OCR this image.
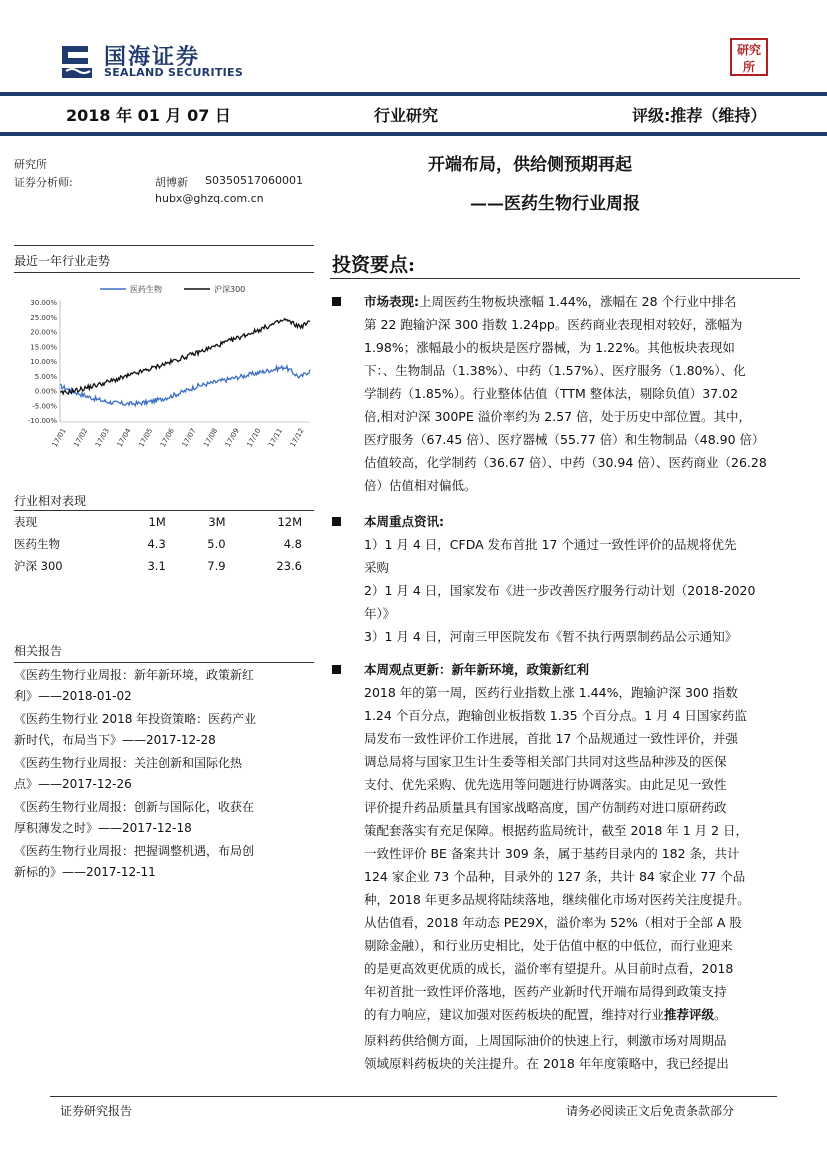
国海证券
SEALAND SECURITIES
研究所
2018 年 01 月 07 日	行业研究	评级:推荐（维持）
研究所
证券分析师:	胡博新 S0350517060001
hubx@ghzq.com.cn
开端布局，供给侧预期再起
——医药生物行业周报
最近一年行业走势
医药生物	沪深300
30.00%
25.00%
20.00%
15.00%
10.00%
5.00%
0.00%
-5.00%
-10.00%
17/01 17/02 17/03 17/04 17/05 17/06 17/07 17/08 17/09 17/10 17/11 17/12
行业相对表现
表现	1M	3M	12M
医药生物	4.3	5.0	4.8
沪深 300	3.1	7.9	23.6
相关报告
《医药生物行业周报：新年新环境，政策新红
利》——2018-01-02
《医药生物行业 2018 年投资策略：医药产业
新时代，布局当下》——2017-12-28
《医药生物行业周报：关注创新和国际化热
点》——2017-12-26
《医药生物行业周报：创新与国际化，收获在
厚积薄发之时》——2017-12-18
《医药生物行业周报：把握调整机遇，布局创
新标的》——2017-12-11
投资要点:
市场表现:上周医药生物板块涨幅 1.44%，涨幅在 28 个行业中排名
第 22 跑输沪深 300 指数 1.24pp。医药商业表现相对较好，涨幅为
1.98%；涨幅最小的板块是医疗器械，为 1.22%。其他板块表现如
下：、生物制品（1.38%）、中药（1.57%）、医疗服务（1.80%）、化
学制药（1.85%）。行业整体估值（TTM 整体法，剔除负值）37.02
倍,相对沪深 300PE 溢价率约为 2.57 倍，处于历史中部位置。其中，
医疗服务（67.45 倍）、医疗器械（55.77 倍）和生物制品（48.90 倍）
估值较高，化学制药（36.67 倍）、中药（30.94 倍）、医药商业（26.28
倍）估值相对偏低。
本周重点资讯:
1）1 月 4 日，CFDA 发布首批 17 个通过一致性评价的品规将优先
采购
2）1 月 4 日，国家发布《进一步改善医疗服务行动计划（2018-2020
年）》
3）1 月 4 日，河南三甲医院发布《暂不执行两票制药品公示通知》
本周观点更新：新年新环境，政策新红利
2018 年的第一周，医药行业指数上涨 1.44%，跑输沪深 300 指数
1.24 个百分点，跑输创业板指数 1.35 个百分点。1 月 4 日国家药监
局发布一致性评价工作进展，首批 17 个品规通过一致性评价，并强
调总局将与国家卫生计生委等相关部门共同对这些品种涉及的医保
支付、优先采购、优先选用等问题进行协调落实。由此足见一致性
评价提升药品质量具有国家战略高度，国产仿制药对进口原研药政
策配套落实有充足保障。根据药监局统计，截至 2018 年 1 月 2 日，
一致性评价 BE 备案共计 309 条，属于基药目录内的 182 条，共计
124 家企业 73 个品种，目录外的 127 条，共计 84 家企业 77 个品
种，2018 年更多品规将陆续落地，继续催化市场对医药关注度提升。
从估值看，2018 年动态 PE29X，溢价率为 52%（相对于全部 A 股
剔除金融），和行业历史相比，处于估值中枢的中低位，而行业迎来
的是更高效更优质的成长，溢价率有望提升。从目前时点看，2018
年初首批一致性评价落地，医药产业新时代开端布局得到政策支持
的有力响应，建议加强对医药板块的配置，维持对行业推荐评级。
原料药供给侧方面，上周国际油价的快速上行，刺激市场对周期品
领域原料药板块的关注提升。在 2018 年年度策略中，我已经提出
证券研究报告	请务必阅读正文后免责条款部分
